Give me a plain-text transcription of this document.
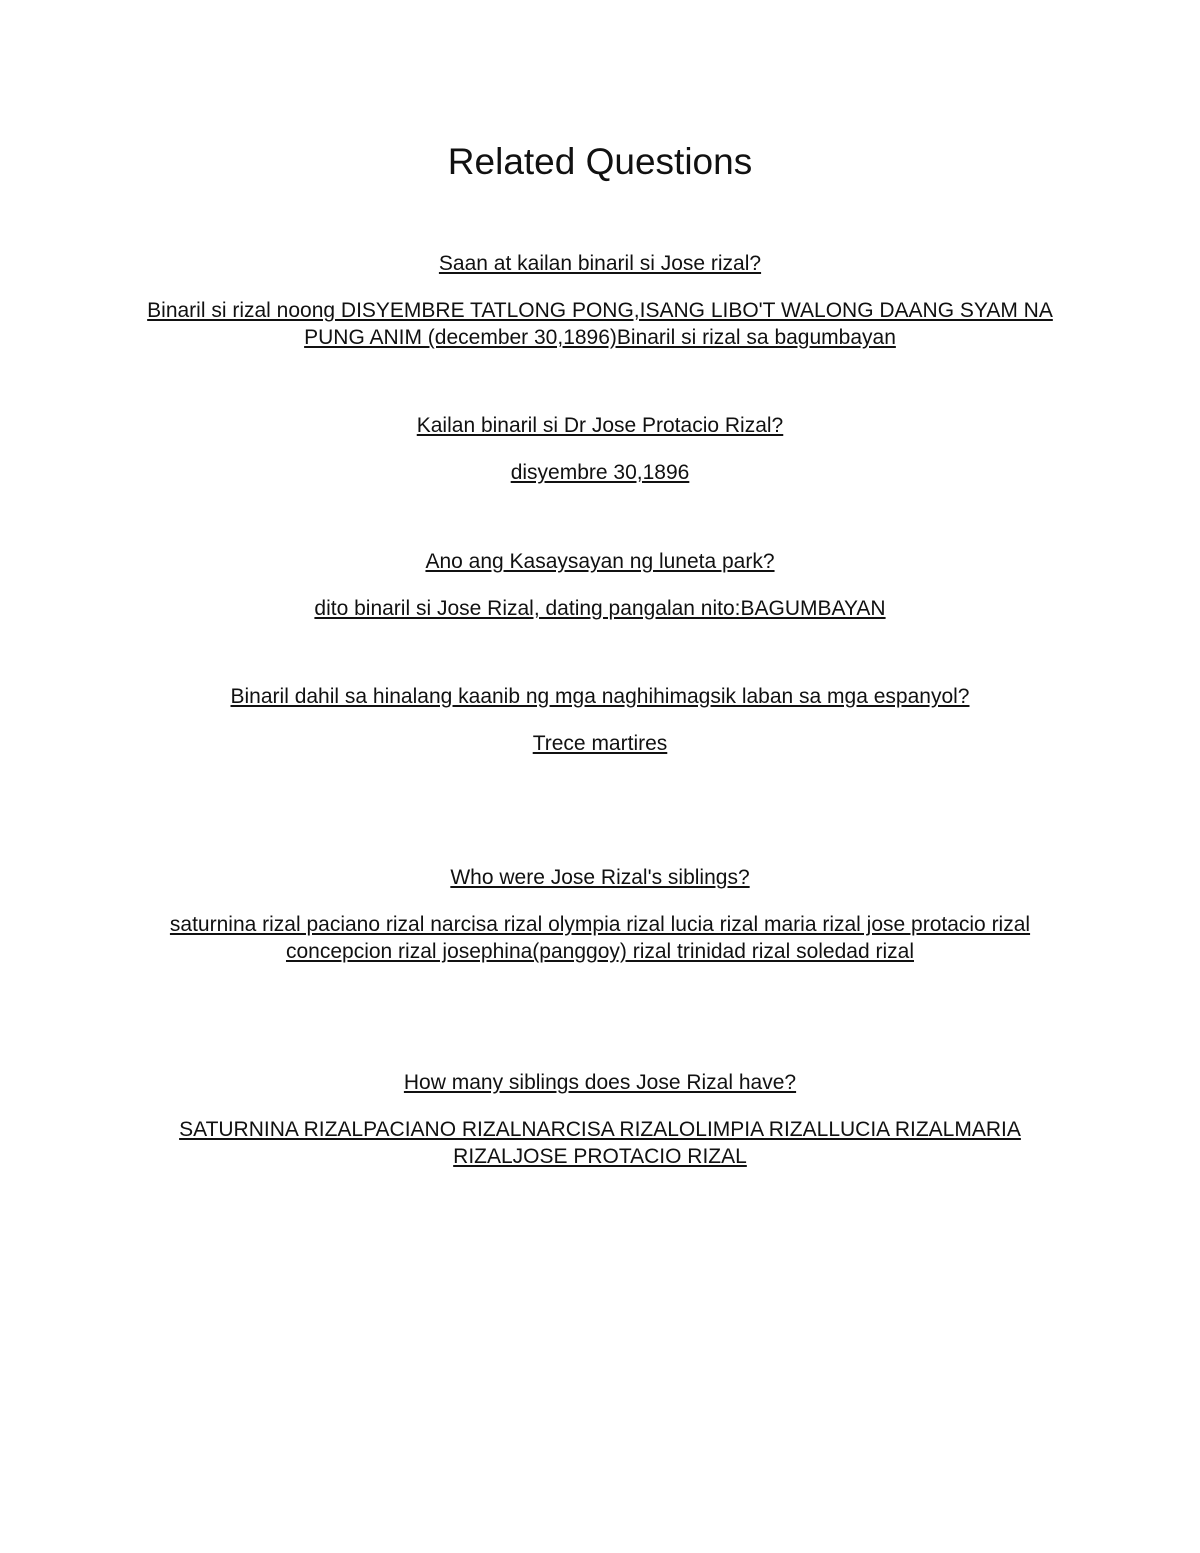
Related Questions
Saan at kailan binaril si Jose rizal?
Binaril si rizal noong DISYEMBRE TATLONG PONG,ISANG LIBO'T WALONG DAANG SYAM NA PUNG ANIM (december 30,1896)Binaril si rizal sa bagumbayan
Kailan binaril si Dr Jose Protacio Rizal?
disyembre 30,1896
Ano ang Kasaysayan ng luneta park?
dito binaril si Jose Rizal, dating pangalan nito:BAGUMBAYAN
Binaril dahil sa hinalang kaanib ng mga naghihimagsik laban sa mga espanyol?
Trece martires
Who were Jose Rizal's siblings?
saturnina rizal paciano rizal narcisa rizal olympia rizal lucia rizal maria rizal jose protacio rizal concepcion rizal josephina(panggoy) rizal trinidad rizal soledad rizal
How many siblings does Jose Rizal have?
SATURNINA RIZALPACIANO RIZALNARCISA RIZALOLIMPIA RIZALLUCIA RIZALMARIA RIZALJOSE PROTACIO RIZAL
